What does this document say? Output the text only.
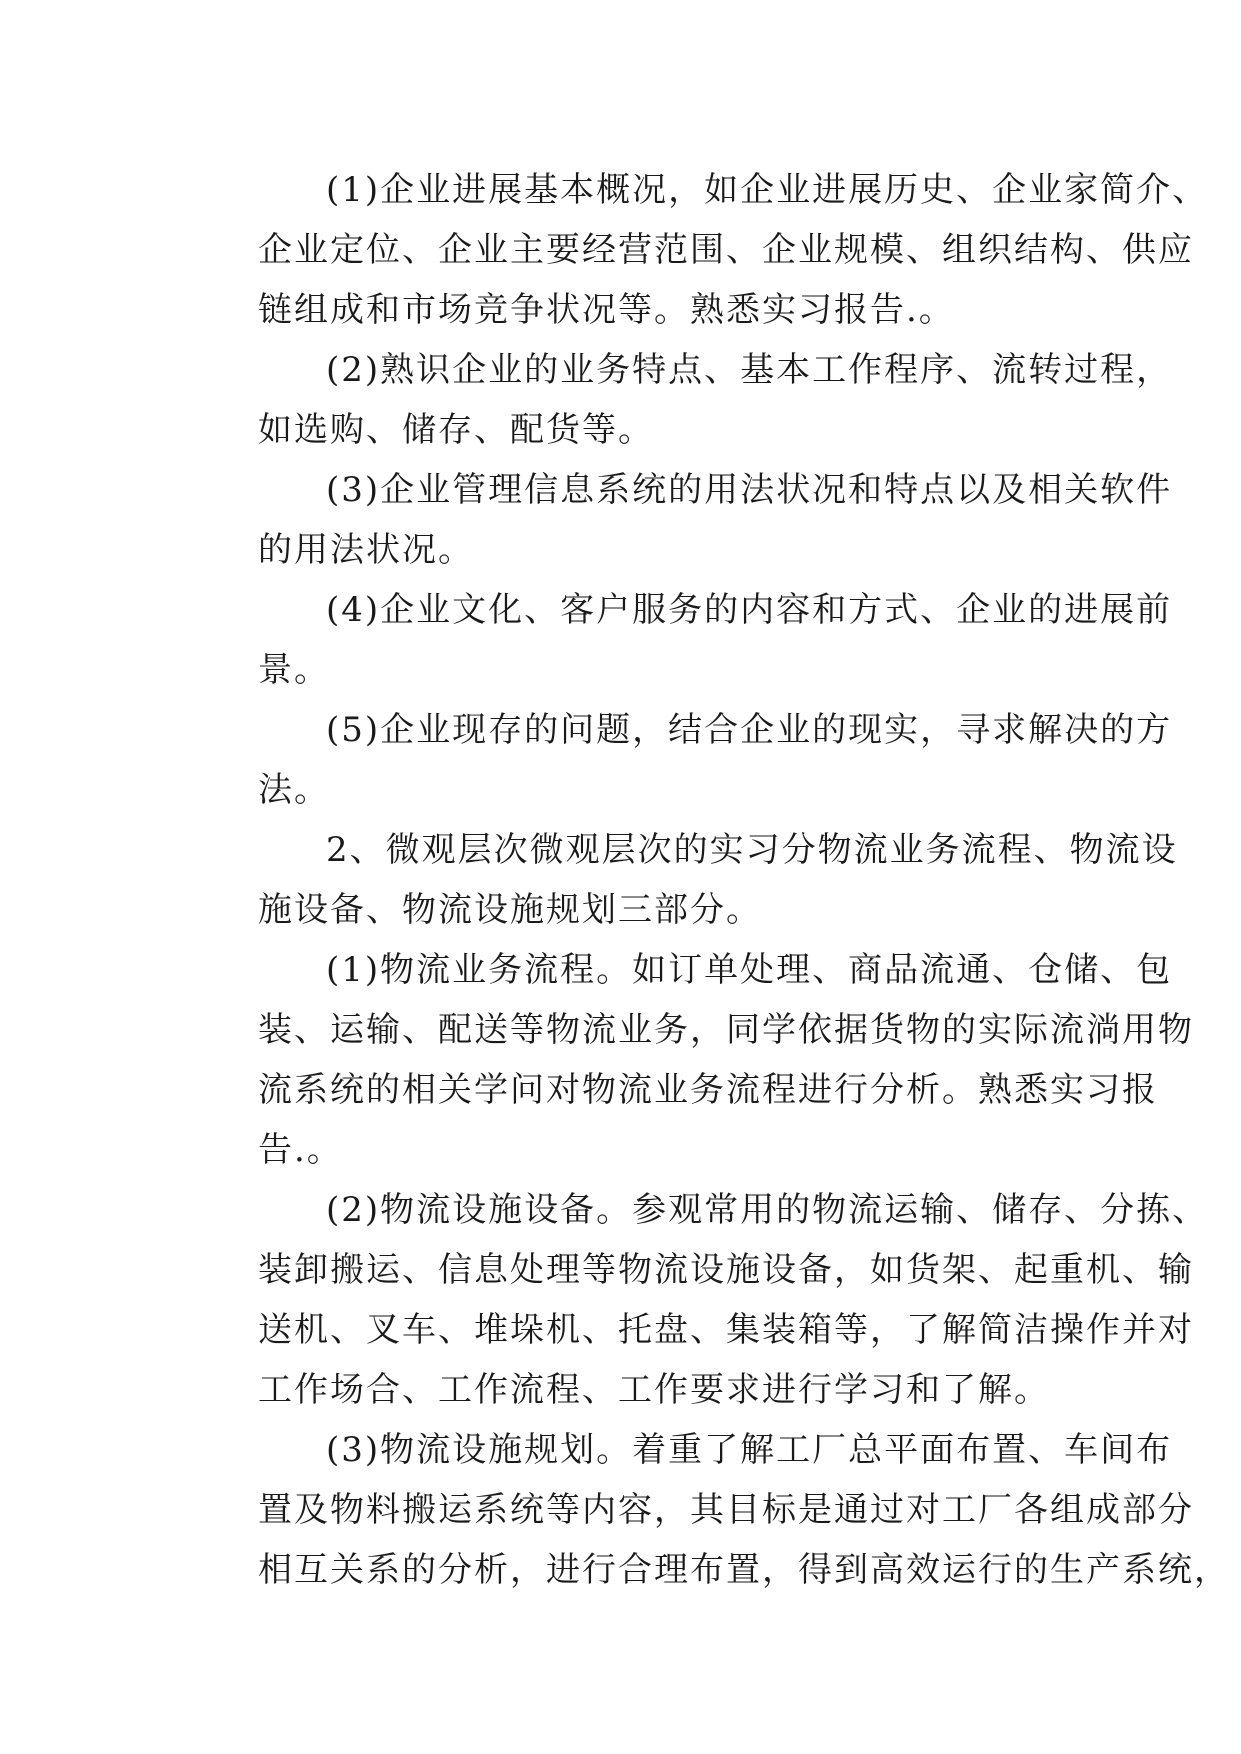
(1)企业进展基本概况，如企业进展历史、企业家简介、
企业定位、企业主要经营范围、企业规模、组织结构、供应
链组成和市场竞争状况等。熟悉实习报告.。
(2)熟识企业的业务特点、基本工作程序、流转过程，
如选购、储存、配货等。
(3)企业管理信息系统的用法状况和特点以及相关软件
的用法状况。
(4)企业文化、客户服务的内容和方式、企业的进展前
景。
(5)企业现存的问题，结合企业的现实，寻求解决的方
法。
2、微观层次微观层次的实习分物流业务流程、物流设
施设备、物流设施规划三部分。
(1)物流业务流程。如订单处理、商品流通、仓储、包
装、运输、配送等物流业务，同学依据货物的实际流淌用物
流系统的相关学问对物流业务流程进行分析。熟悉实习报
告.。
(2)物流设施设备。参观常用的物流运输、储存、分拣、
装卸搬运、信息处理等物流设施设备，如货架、起重机、输
送机、叉车、堆垛机、托盘、集装箱等，了解简洁操作并对
工作场合、工作流程、工作要求进行学习和了解。
(3)物流设施规划。着重了解工厂总平面布置、车间布
置及物料搬运系统等内容，其目标是通过对工厂各组成部分
相互关系的分析，进行合理布置，得到高效运行的生产系统，
